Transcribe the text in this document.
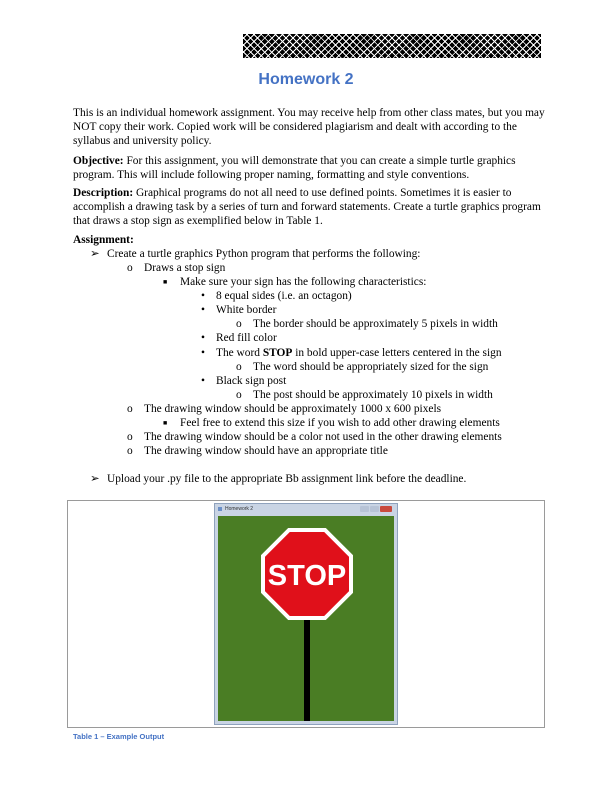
Homework 2

This is an individual homework assignment. You may receive help from other class mates, but you may NOT copy their work. Copied work will be considered plagiarism and dealt with according to the syllabus and university policy.

Objective: For this assignment, you will demonstrate that you can create a simple turtle graphics program. This will include following proper naming, formatting and style conventions.

Description: Graphical programs do not all need to use defined points. Sometimes it is easier to accomplish a drawing task by a series of turn and forward statements. Create a turtle graphics program that draws a stop sign as exemplified below in Table 1.

Assignment:
➢ Create a turtle graphics Python program that performs the following:
o Draws a stop sign
■ Make sure your sign has the following characteristics:
• 8 equal sides (i.e. an octagon)
• White border
o The border should be approximately 5 pixels in width
• Red fill color
• The word STOP in bold upper-case letters centered in the sign
o The word should be appropriately sized for the sign
• Black sign post
o The post should be approximately 10 pixels in width
o The drawing window should be approximately 1000 x 600 pixels
■ Feel free to extend this size if you wish to add other drawing elements
o The drawing window should be a color not used in the other drawing elements
o The drawing window should have an appropriate title
➢ Upload your .py file to the appropriate Bb assignment link before the deadline.
Homework 2
STOP
Table 1 – Example Output
